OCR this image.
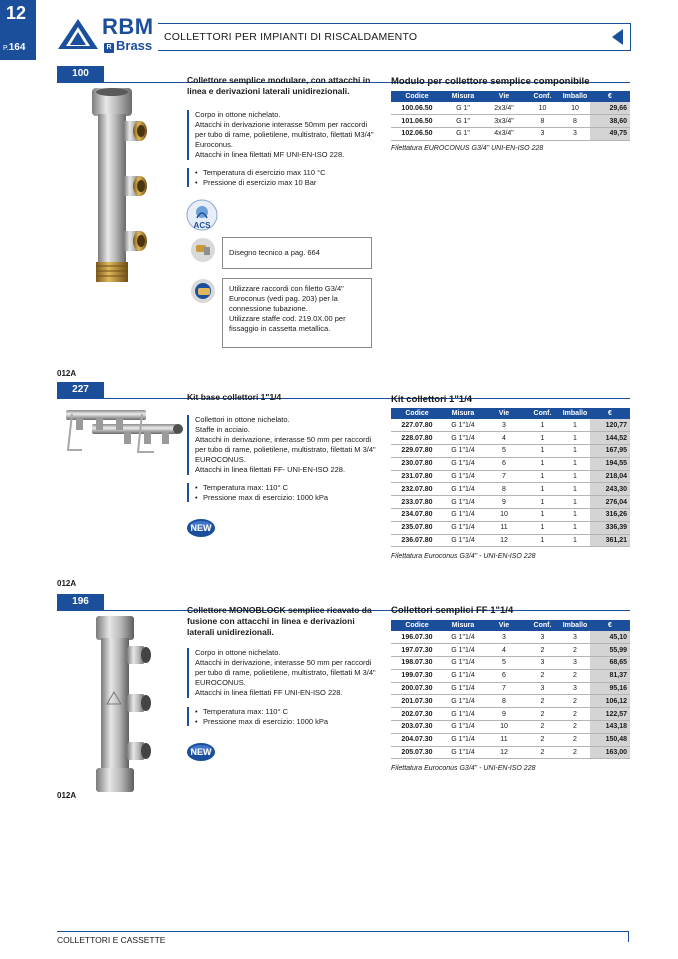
12
P.164
RBM
R Brass
COLLETTORI PER IMPIANTI DI RISCALDAMENTO
100
Collettore semplice modulare, con attacchi in linea e derivazioni laterali unidirezionali.
Corpo in ottone nichelato.
Attacchi in derivazione interasse 50mm per raccordi per tubo di rame, polietilene, multistrato, filettati M3/4" Euroconus.
Attacchi in linea filettati MF UNI-EN-ISO 228.
• Temperatura di esercizio max 110 °C
• Pressione di esercizio max 10 Bar
ACS
Disegno tecnico a pag. 664
Utilizzare raccordi con filetto G3/4" Euroconus (vedi pag. 203) per la connessione tubazione.
Utilizzare staffe cod. 219.0X.00 per fissaggio in cassetta metallica.
Modulo per collettore semplice componibile
Codice	Misura	Vie	Conf.	Imballo	€
100.06.50	G 1"	2x3/4"	10	10	29,66
101.06.50	G 1"	3x3/4"	8	8	38,60
102.06.50	G 1"	4x3/4"	3	3	49,75
Filettatura EUROCONUS G3/4" UNI-EN-ISO 228
012A
227
Kit base collettori 1"1/4
Collettori in ottone nichelato.
Staffe in acciaio.
Attacchi in derivazione, interasse 50 mm per raccordi per tubo di rame, polietilene, multistrato, filettati M 3/4" EUROCONUS.
Attacchi in linea filettati FF- UNI-EN-ISO 228.
• Temperatura max: 110° C
• Pressione max di esercizio: 1000 kPa
NEW
Kit collettori 1"1/4
Codice	Misura	Vie	Conf.	Imballo	€
227.07.80	G 1"1/4	3	1	1	120,77
228.07.80	G 1"1/4	4	1	1	144,52
229.07.80	G 1"1/4	5	1	1	167,95
230.07.80	G 1"1/4	6	1	1	194,55
231.07.80	G 1"1/4	7	1	1	218,04
232.07.80	G 1"1/4	8	1	1	243,30
233.07.80	G 1"1/4	9	1	1	276,04
234.07.80	G 1"1/4	10	1	1	316,26
235.07.80	G 1"1/4	11	1	1	336,39
236.07.80	G 1"1/4	12	1	1	361,21
Filettatura Euroconus G3/4" - UNI-EN-ISO 228
012A
196
Collettore MONOBLOCK semplice ricavato da fusione con attacchi in linea e derivazioni laterali unidirezionali.
Corpo in ottone nichelato.
Attacchi in derivazione, interasse 50 mm per raccordi per tubo di rame, polietilene, multistrato, filettati M 3/4" EUROCONUS.
Attacchi in linea filettati FF UNI-EN-ISO 228.
• Temperatura max: 110° C
• Pressione max di esercizio: 1000 kPa
NEW
Collettori semplici FF 1"1/4
Codice	Misura	Vie	Conf.	Imballo	€
196.07.30	G 1"1/4	3	3	3	45,10
197.07.30	G 1"1/4	4	2	2	55,99
198.07.30	G 1"1/4	5	3	3	68,65
199.07.30	G 1"1/4	6	2	2	81,37
200.07.30	G 1"1/4	7	3	3	95,16
201.07.30	G 1"1/4	8	2	2	106,12
202.07.30	G 1"1/4	9	2	2	122,57
203.07.30	G 1"1/4	10	2	2	143,18
204.07.30	G 1"1/4	11	2	2	150,48
205.07.30	G 1"1/4	12	2	2	163,00
Filettatura Euroconus G3/4" - UNI-EN-ISO 228
012A
COLLETTORI E CASSETTE
